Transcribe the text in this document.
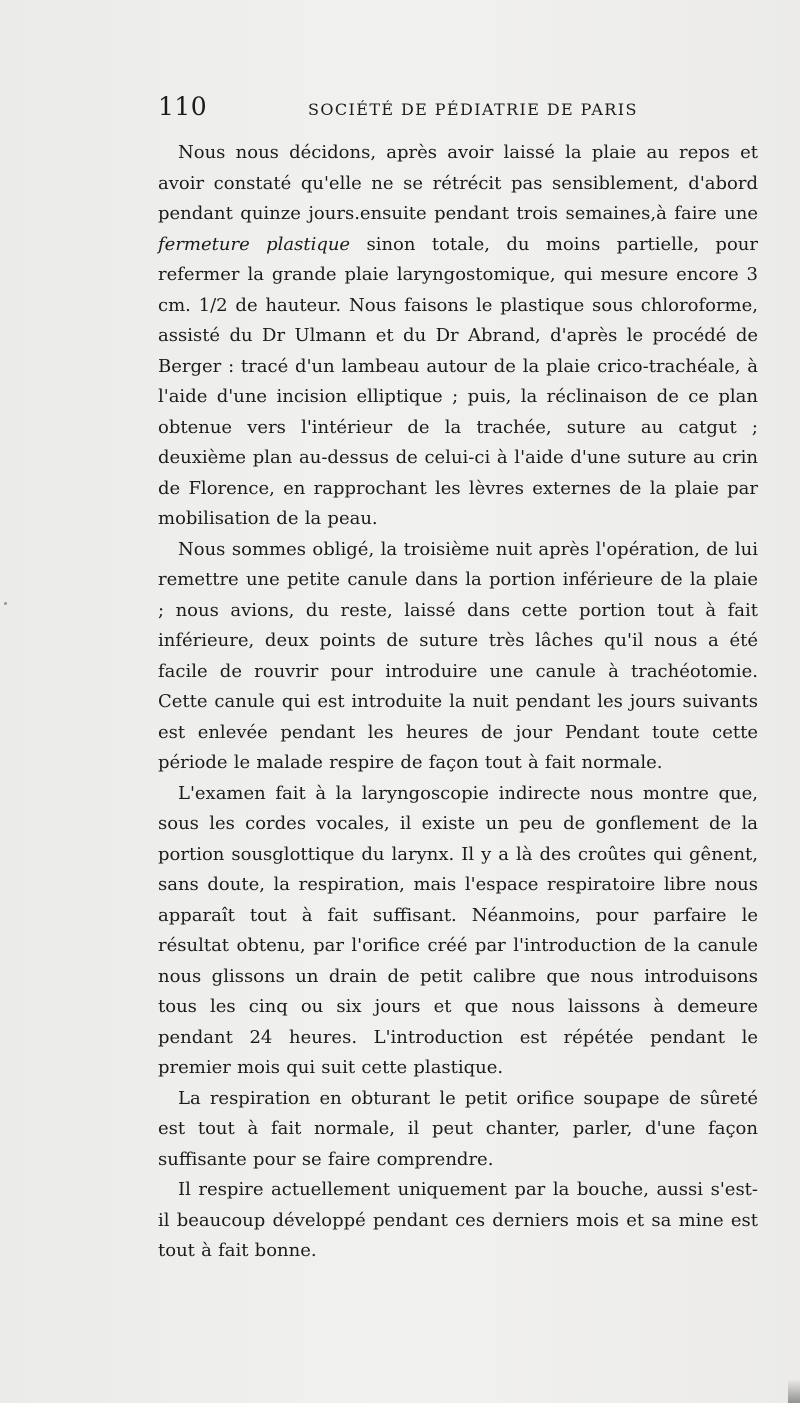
110	SOCIÉTÉ DE PÉDIATRIE DE PARIS

Nous nous décidons, après avoir laissé la plaie au repos et avoir constaté qu'elle ne se rétrécit pas sensiblement, d'abord pendant quinze jours.ensuite pendant trois semaines,à faire une fermeture plastique sinon totale, du moins partielle, pour refermer la grande plaie laryngostomique, qui mesure encore 3 cm. 1/2 de hauteur. Nous faisons le plastique sous chloroforme, assisté du Dr Ulmann et du Dr Abrand, d'après le procédé de Berger : tracé d'un lambeau autour de la plaie crico-trachéale, à l'aide d'une incision elliptique ; puis, la réclinaison de ce plan obtenue vers l'intérieur de la trachée, suture au catgut ; deuxième plan au-dessus de celui-ci à l'aide d'une suture au crin de Florence, en rapprochant les lèvres externes de la plaie par mobilisation de la peau.

Nous sommes obligé, la troisième nuit après l'opération, de lui remettre une petite canule dans la portion inférieure de la plaie ; nous avions, du reste, laissé dans cette portion tout à fait inférieure, deux points de suture très lâches qu'il nous a été facile de rouvrir pour introduire une canule à trachéotomie. Cette canule qui est introduite la nuit pendant les jours suivants est enlevée pendant les heures de jour Pendant toute cette période le malade respire de façon tout à fait normale.

L'examen fait à la laryngoscopie indirecte nous montre que, sous les cordes vocales, il existe un peu de gonflement de la portion sousglottique du larynx. Il y a là des croûtes qui gênent, sans doute, la respiration, mais l'espace respiratoire libre nous apparaît tout à fait suffisant. Néanmoins, pour parfaire le résultat obtenu, par l'orifice créé par l'introduction de la canule nous glissons un drain de petit calibre que nous introduisons tous les cinq ou six jours et que nous laissons à demeure pendant 24 heures. L'introduction est répétée pendant le premier mois qui suit cette plastique.

La respiration en obturant le petit orifice soupape de sûreté est tout à fait normale, il peut chanter, parler, d'une façon suffisante pour se faire comprendre.

Il respire actuellement uniquement par la bouche, aussi s'est-il beaucoup développé pendant ces derniers mois et sa mine est tout à fait bonne.
